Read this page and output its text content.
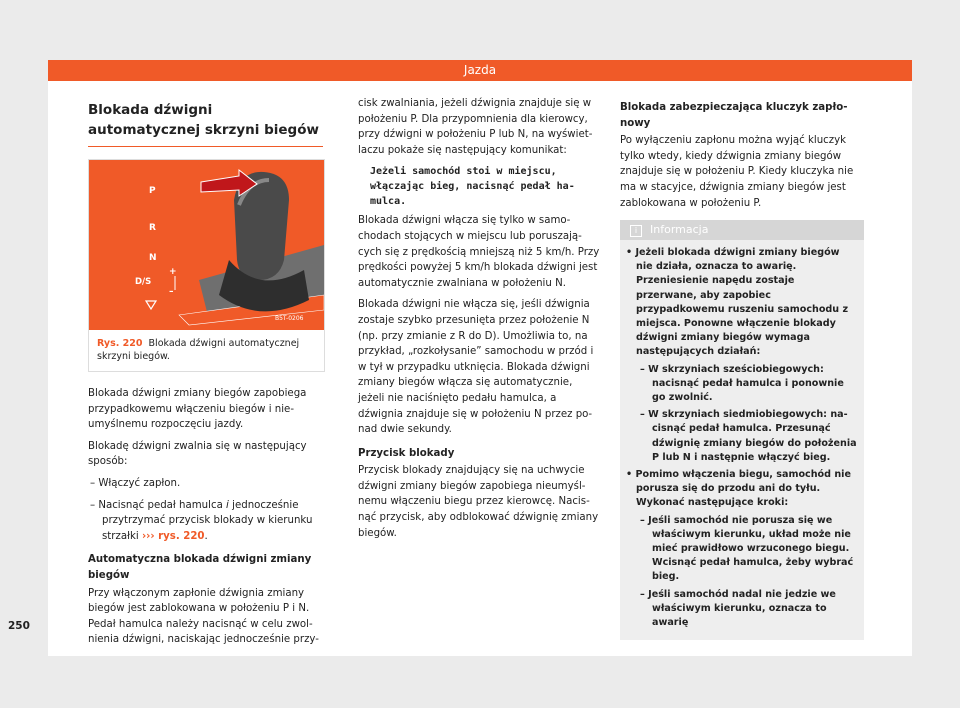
Jazda
Blokada dźwigni automatycznej skrzyni biegów
P
R
N
D/S
+
–
B5T-0206
Rys. 220 Blokada dźwigni automatycznej skrzyni biegów.

Blokada dźwigni zmiany biegów zapobiega przypadkowemu włączeniu biegów i nieumyślnemu rozpoczęciu jazdy.

Blokadę dźwigni zwalnia się w następujący sposób:

– Włączyć zapłon.

– Nacisnąć pedał hamulca i jednocześnie przytrzymać przycisk blokady w kierunku strzałki ››› rys. 220.

Automatyczna blokada dźwigni zmiany biegów

Przy włączonym zapłonie dźwignia zmiany biegów jest zablokowana w położeniu P i N. Pedał hamulca należy nacisnąć w celu zwolnienia dźwigni, naciskając jednocześnie przy-

cisk zwalniania, jeżeli dźwignia znajduje się w położeniu P. Dla przypomnienia dla kierowcy, przy dźwigni w położeniu P lub N, na wyświetlaczu pokaże się następujący komunikat:

Jeżeli samochód stoi w miejscu, włączając bieg, nacisnąć pedał hamulca.

Blokada dźwigni włącza się tylko w samochodach stojących w miejscu lub poruszających się z prędkością mniejszą niż 5 km/h. Przy prędkości powyżej 5 km/h blokada dźwigni jest automatycznie zwalniana w położeniu N.

Blokada dźwigni nie włącza się, jeśli dźwignia zostaje szybko przesunięta przez położenie N (np. przy zmianie z R do D). Umożliwia to, na przykład, „rozkołysanie” samochodu w przód i w tył w przypadku utknięcia. Blokada dźwigni zmiany biegów włącza się automatycznie, jeżeli nie naciśnięto pedału hamulca, a dźwignia znajduje się w położeniu N przez ponad dwie sekundy.

Przycisk blokady

Przycisk blokady znajdujący się na uchwycie dźwigni zmiany biegów zapobiega nieumyślnemu włączeniu biegu przez kierowcę. Nacisnąć przycisk, aby odblokować dźwignię zmiany biegów.

Blokada zabezpieczająca kluczyk zapłonowy

Po wyłączeniu zapłonu można wyjąć kluczyk tylko wtedy, kiedy dźwignia zmiany biegów znajduje się w położeniu P. Kiedy kluczyka nie ma w stacyjce, dźwignia zmiany biegów jest zablokowana w położeniu P.

i Informacja

• Jeżeli blokada dźwigni zmiany biegów nie działa, oznacza to awarię. Przeniesienie napędu zostaje przerwane, aby zapobiec przypadkowemu ruszeniu samochodu z miejsca. Ponowne włączenie blokady dźwigni zmiany biegów wymaga następujących działań:

– W skrzyniach sześciobiegowych: nacisnąć pedał hamulca i ponownie go zwolnić.

– W skrzyniach siedmiobiegowych: nacisnąć pedał hamulca. Przesunąć dźwignię zmiany biegów do położenia P lub N i następnie włączyć bieg.

• Pomimo włączenia biegu, samochód nie porusza się do przodu ani do tyłu. Wykonać następujące kroki:

– Jeśli samochód nie porusza się we właściwym kierunku, układ może nie mieć prawidłowo wrzuconego biegu. Wcisnąć pedał hamulca, żeby wybrać bieg.

– Jeśli samochód nadal nie jedzie we właściwym kierunku, oznacza to awarię

250
